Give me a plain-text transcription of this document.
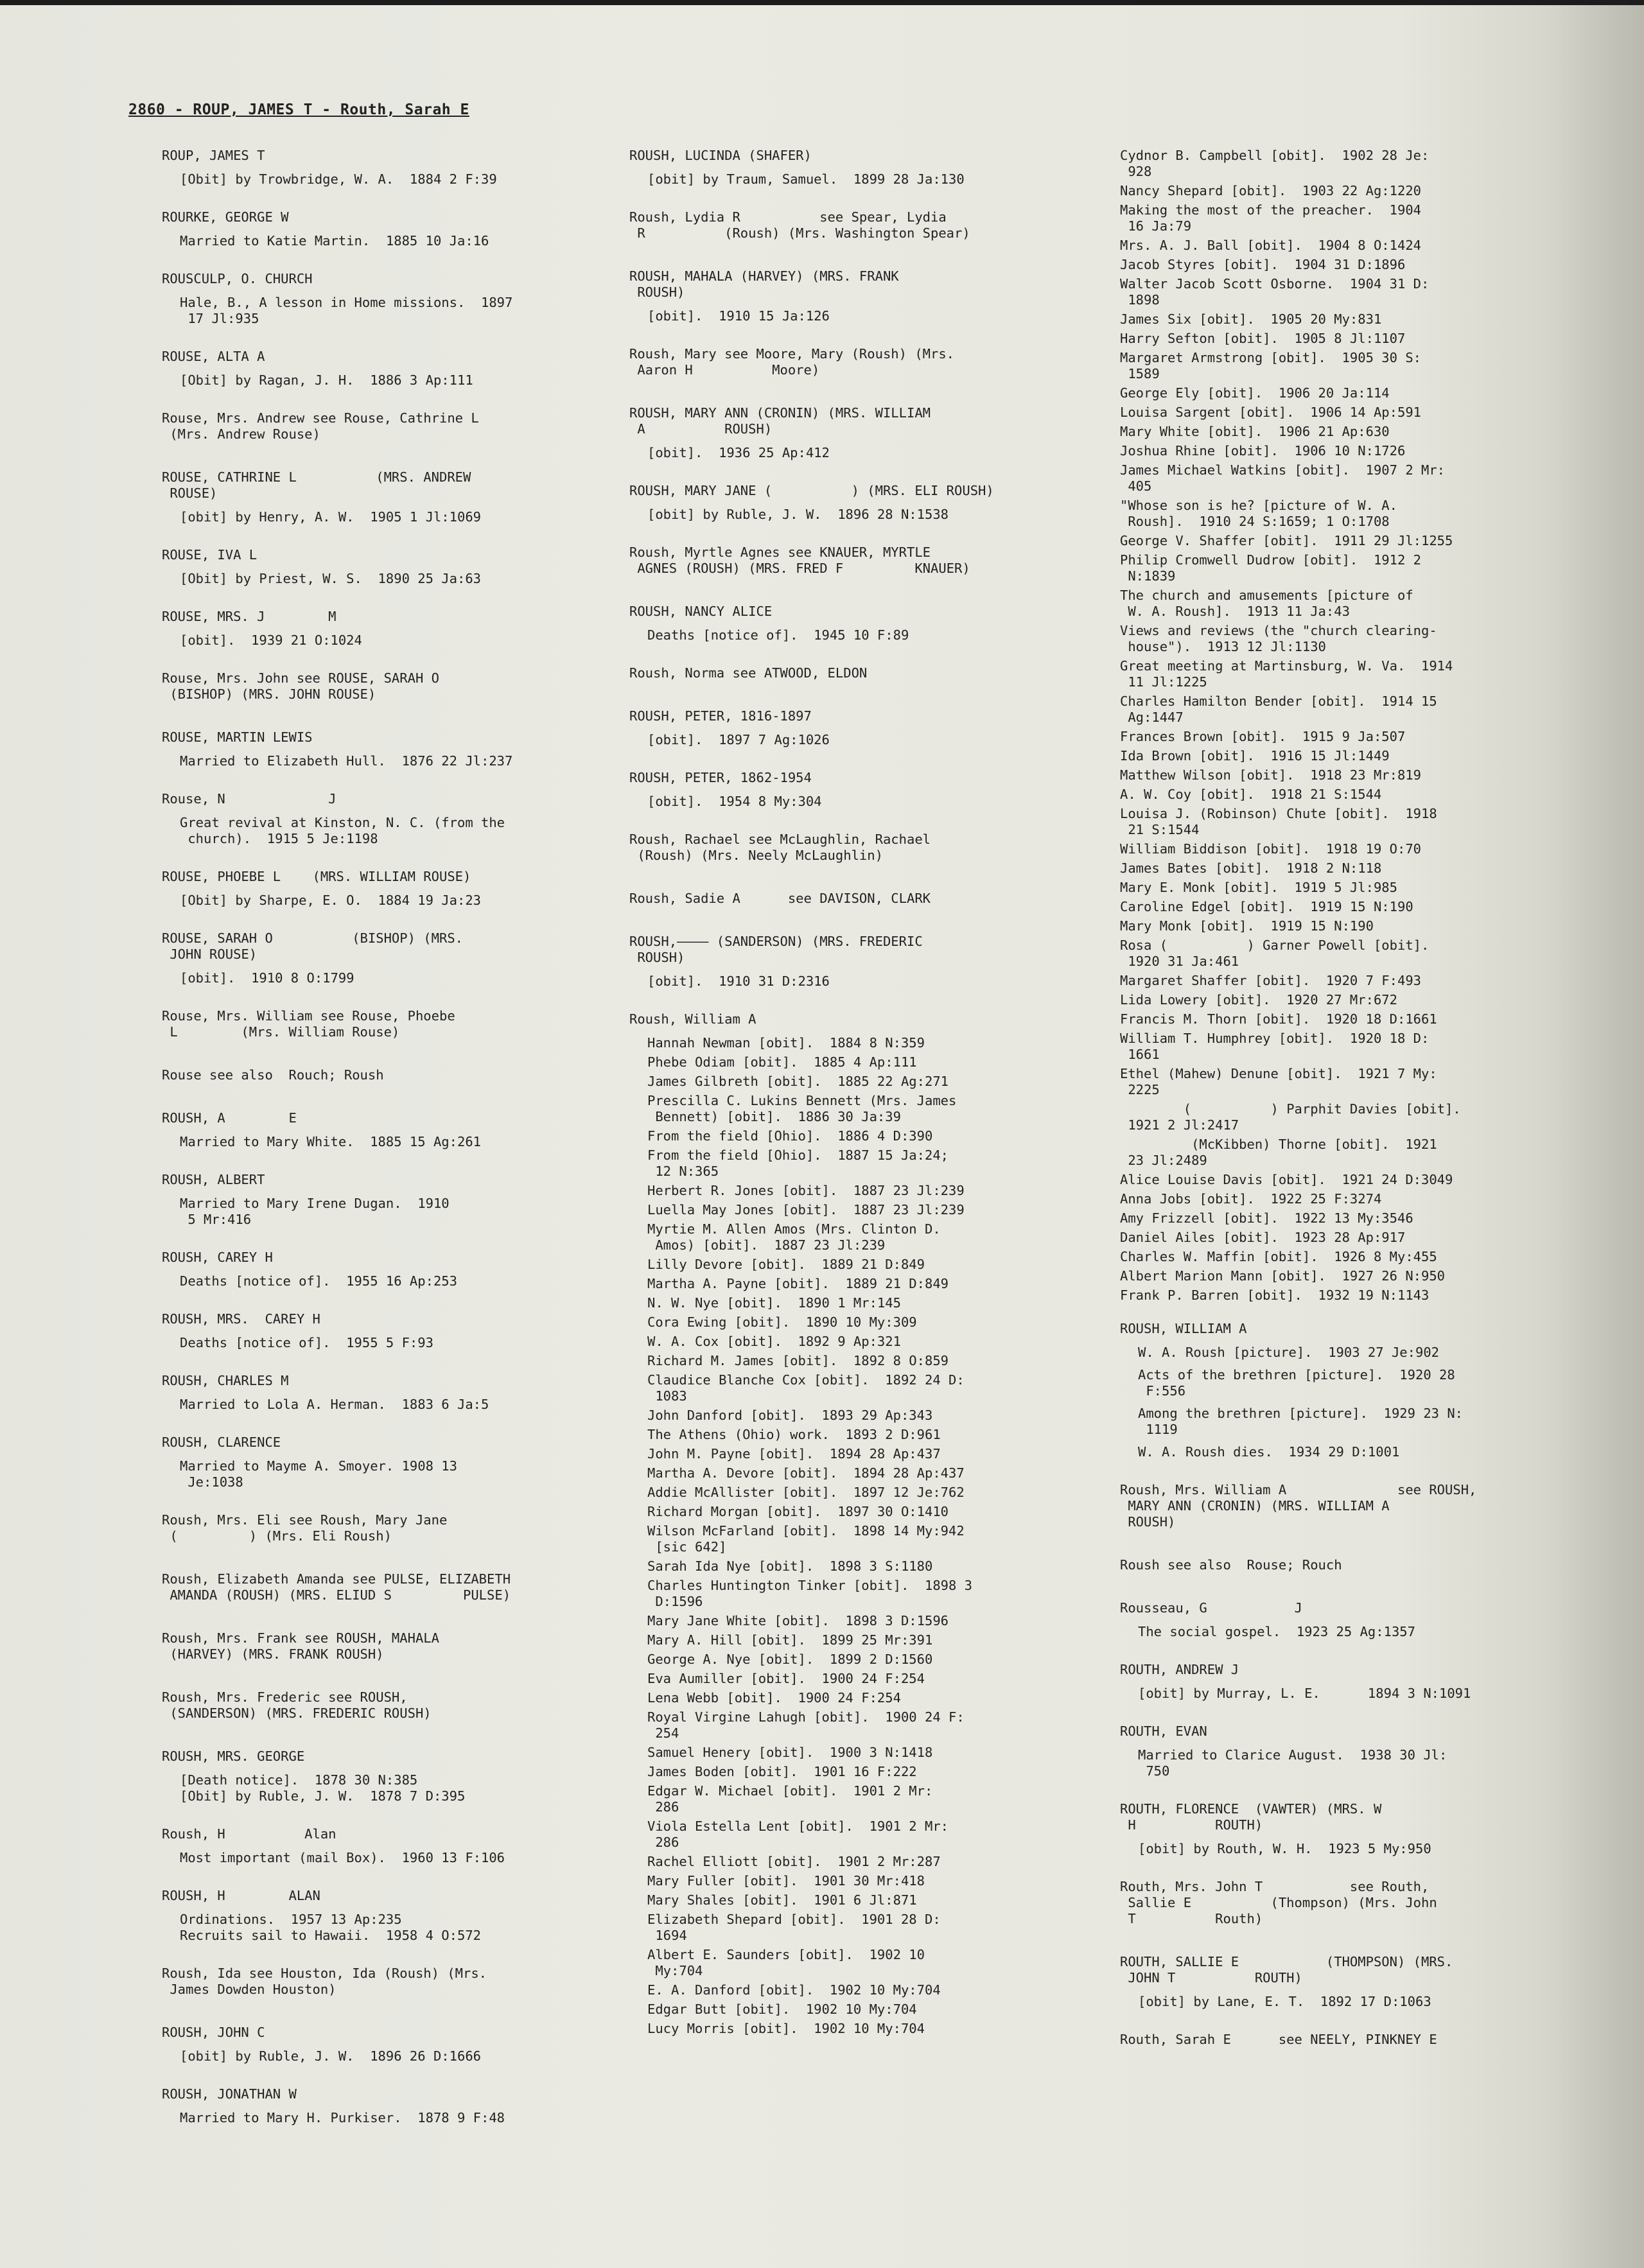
2860 - ROUP, JAMES T - Routh, Sarah E
ROUP, JAMES T
[Obit] by Trowbridge, W. A.  1884 2 F:39
ROURKE, GEORGE W
Married to Katie Martin.  1885 10 Ja:16
ROUSCULP, O. CHURCH
Hale, B., A lesson in Home missions.  1897
17 Jl:935
ROUSE, ALTA A
[Obit] by Ragan, J. H.  1886 3 Ap:111
Rouse, Mrs. Andrew see Rouse, Cathrine L
(Mrs. Andrew Rouse)
ROUSE, CATHRINE L          (MRS. ANDREW
ROUSE)
[obit] by Henry, A. W.  1905 1 Jl:1069
ROUSE, IVA L
[Obit] by Priest, W. S.  1890 25 Ja:63
ROUSE, MRS. J        M
[obit].  1939 21 O:1024
Rouse, Mrs. John see ROUSE, SARAH O
(BISHOP) (MRS. JOHN ROUSE)
ROUSE, MARTIN LEWIS
Married to Elizabeth Hull.  1876 22 Jl:237
Rouse, N             J
Great revival at Kinston, N. C. (from the
church).  1915 5 Je:1198
ROUSE, PHOEBE L    (MRS. WILLIAM ROUSE)
[Obit] by Sharpe, E. O.  1884 19 Ja:23
ROUSE, SARAH O          (BISHOP) (MRS.
JOHN ROUSE)
[obit].  1910 8 O:1799
Rouse, Mrs. William see Rouse, Phoebe
L        (Mrs. William Rouse)
Rouse see also  Rouch; Roush
ROUSH, A        E
Married to Mary White.  1885 15 Ag:261
ROUSH, ALBERT
Married to Mary Irene Dugan.  1910
5 Mr:416
ROUSH, CAREY H
Deaths [notice of].  1955 16 Ap:253
ROUSH, MRS.  CAREY H
Deaths [notice of].  1955 5 F:93
ROUSH, CHARLES M
Married to Lola A. Herman.  1883 6 Ja:5
ROUSH, CLARENCE
Married to Mayme A. Smoyer. 1908 13
Je:1038
Roush, Mrs. Eli see Roush, Mary Jane
(         ) (Mrs. Eli Roush)
Roush, Elizabeth Amanda see PULSE, ELIZABETH
AMANDA (ROUSH) (MRS. ELIUD S         PULSE)
Roush, Mrs. Frank see ROUSH, MAHALA
(HARVEY) (MRS. FRANK ROUSH)
Roush, Mrs. Frederic see ROUSH,
(SANDERSON) (MRS. FREDERIC ROUSH)
ROUSH, MRS. GEORGE
[Death notice].  1878 30 N:385
[Obit] by Ruble, J. W.  1878 7 D:395
Roush, H          Alan
Most important (mail Box).  1960 13 F:106
ROUSH, H        ALAN
Ordinations.  1957 13 Ap:235
Recruits sail to Hawaii.  1958 4 O:572
Roush, Ida see Houston, Ida (Roush) (Mrs.
James Dowden Houston)
ROUSH, JOHN C
[obit] by Ruble, J. W.  1896 26 D:1666
ROUSH, JONATHAN W
Married to Mary H. Purkiser.  1878 9 F:48
ROUSH, LUCINDA (SHAFER)
[obit] by Traum, Samuel.  1899 28 Ja:130
Roush, Lydia R          see Spear, Lydia
R          (Roush) (Mrs. Washington Spear)
ROUSH, MAHALA (HARVEY) (MRS. FRANK
ROUSH)
[obit].  1910 15 Ja:126
Roush, Mary see Moore, Mary (Roush) (Mrs.
Aaron H          Moore)
ROUSH, MARY ANN (CRONIN) (MRS. WILLIAM
A          ROUSH)
[obit].  1936 25 Ap:412
ROUSH, MARY JANE (          ) (MRS. ELI ROUSH)
[obit] by Ruble, J. W.  1896 28 N:1538
Roush, Myrtle Agnes see KNAUER, MYRTLE
AGNES (ROUSH) (MRS. FRED F         KNAUER)
ROUSH, NANCY ALICE
Deaths [notice of].  1945 10 F:89
Roush, Norma see ATWOOD, ELDON
ROUSH, PETER, 1816-1897
[obit].  1897 7 Ag:1026
ROUSH, PETER, 1862-1954
[obit].  1954 8 My:304
Roush, Rachael see McLaughlin, Rachael
(Roush) (Mrs. Neely McLaughlin)
Roush, Sadie A      see DAVISON, CLARK
ROUSH,———— (SANDERSON) (MRS. FREDERIC
ROUSH)
[obit].  1910 31 D:2316
Roush, William A
Hannah Newman [obit].  1884 8 N:359
Phebe Odiam [obit].  1885 4 Ap:111
James Gilbreth [obit].  1885 22 Ag:271
Prescilla C. Lukins Bennett (Mrs. James
Bennett) [obit].  1886 30 Ja:39
From the field [Ohio].  1886 4 D:390
From the field [Ohio].  1887 15 Ja:24;
12 N:365
Herbert R. Jones [obit].  1887 23 Jl:239
Luella May Jones [obit].  1887 23 Jl:239
Myrtie M. Allen Amos (Mrs. Clinton D.
Amos) [obit].  1887 23 Jl:239
Lilly Devore [obit].  1889 21 D:849
Martha A. Payne [obit].  1889 21 D:849
N. W. Nye [obit].  1890 1 Mr:145
Cora Ewing [obit].  1890 10 My:309
W. A. Cox [obit].  1892 9 Ap:321
Richard M. James [obit].  1892 8 O:859
Claudice Blanche Cox [obit].  1892 24 D:
1083
John Danford [obit].  1893 29 Ap:343
The Athens (Ohio) work.  1893 2 D:961
John M. Payne [obit].  1894 28 Ap:437
Martha A. Devore [obit].  1894 28 Ap:437
Addie McAllister [obit].  1897 12 Je:762
Richard Morgan [obit].  1897 30 O:1410
Wilson McFarland [obit].  1898 14 My:942
[sic 642]
Sarah Ida Nye [obit].  1898 3 S:1180
Charles Huntington Tinker [obit].  1898 3
D:1596
Mary Jane White [obit].  1898 3 D:1596
Mary A. Hill [obit].  1899 25 Mr:391
George A. Nye [obit].  1899 2 D:1560
Eva Aumiller [obit].  1900 24 F:254
Lena Webb [obit].  1900 24 F:254
Royal Virgine Lahugh [obit].  1900 24 F:
254
Samuel Henery [obit].  1900 3 N:1418
James Boden [obit].  1901 16 F:222
Edgar W. Michael [obit].  1901 2 Mr:
286
Viola Estella Lent [obit].  1901 2 Mr:
286
Rachel Elliott [obit].  1901 2 Mr:287
Mary Fuller [obit].  1901 30 Mr:418
Mary Shales [obit].  1901 6 Jl:871
Elizabeth Shepard [obit].  1901 28 D:
1694
Albert E. Saunders [obit].  1902 10
My:704
E. A. Danford [obit].  1902 10 My:704
Edgar Butt [obit].  1902 10 My:704
Lucy Morris [obit].  1902 10 My:704
Cydnor B. Campbell [obit].  1902 28 Je:
928
Nancy Shepard [obit].  1903 22 Ag:1220
Making the most of the preacher.  1904
16 Ja:79
Mrs. A. J. Ball [obit].  1904 8 O:1424
Jacob Styres [obit].  1904 31 D:1896
Walter Jacob Scott Osborne.  1904 31 D:
1898
James Six [obit].  1905 20 My:831
Harry Sefton [obit].  1905 8 Jl:1107
Margaret Armstrong [obit].  1905 30 S:
1589
George Ely [obit].  1906 20 Ja:114
Louisa Sargent [obit].  1906 14 Ap:591
Mary White [obit].  1906 21 Ap:630
Joshua Rhine [obit].  1906 10 N:1726
James Michael Watkins [obit].  1907 2 Mr:
405
"Whose son is he? [picture of W. A.
Roush].  1910 24 S:1659; 1 O:1708
George V. Shaffer [obit].  1911 29 Jl:1255
Philip Cromwell Dudrow [obit].  1912 2
N:1839
The church and amusements [picture of
W. A. Roush].  1913 11 Ja:43
Views and reviews (the "church clearing-
house").  1913 12 Jl:1130
Great meeting at Martinsburg, W. Va.  1914
11 Jl:1225
Charles Hamilton Bender [obit].  1914 15
Ag:1447
Frances Brown [obit].  1915 9 Ja:507
Ida Brown [obit].  1916 15 Jl:1449
Matthew Wilson [obit].  1918 23 Mr:819
A. W. Coy [obit].  1918 21 S:1544
Louisa J. (Robinson) Chute [obit].  1918
21 S:1544
William Biddison [obit].  1918 19 O:70
James Bates [obit].  1918 2 N:118
Mary E. Monk [obit].  1919 5 Jl:985
Caroline Edgel [obit].  1919 15 N:190
Mary Monk [obit].  1919 15 N:190
Rosa (          ) Garner Powell [obit].
1920 31 Ja:461
Margaret Shaffer [obit].  1920 7 F:493
Lida Lowery [obit].  1920 27 Mr:672
Francis M. Thorn [obit].  1920 18 D:1661
William T. Humphrey [obit].  1920 18 D:
1661
Ethel (Mahew) Denune [obit].  1921 7 My:
2225
(          ) Parphit Davies [obit].
1921 2 Jl:2417
(McKibben) Thorne [obit].  1921
23 Jl:2489
Alice Louise Davis [obit].  1921 24 D:3049
Anna Jobs [obit].  1922 25 F:3274
Amy Frizzell [obit].  1922 13 My:3546
Daniel Ailes [obit].  1923 28 Ap:917
Charles W. Maffin [obit].  1926 8 My:455
Albert Marion Mann [obit].  1927 26 N:950
Frank P. Barren [obit].  1932 19 N:1143
ROUSH, WILLIAM A
W. A. Roush [picture].  1903 27 Je:902
Acts of the brethren [picture].  1920 28
F:556
Among the brethren [picture].  1929 23 N:
1119
W. A. Roush dies.  1934 29 D:1001
Roush, Mrs. William A              see ROUSH,
MARY ANN (CRONIN) (MRS. WILLIAM A
ROUSH)
Roush see also  Rouse; Rouch
Rousseau, G           J
The social gospel.  1923 25 Ag:1357
ROUTH, ANDREW J
[obit] by Murray, L. E.      1894 3 N:1091
ROUTH, EVAN
Married to Clarice August.  1938 30 Jl:
750
ROUTH, FLORENCE  (VAWTER) (MRS. W
H          ROUTH)
[obit] by Routh, W. H.  1923 5 My:950
Routh, Mrs. John T           see Routh,
Sallie E          (Thompson) (Mrs. John
T          Routh)
ROUTH, SALLIE E           (THOMPSON) (MRS.
JOHN T          ROUTH)
[obit] by Lane, E. T.  1892 17 D:1063
Routh, Sarah E      see NEELY, PINKNEY E
